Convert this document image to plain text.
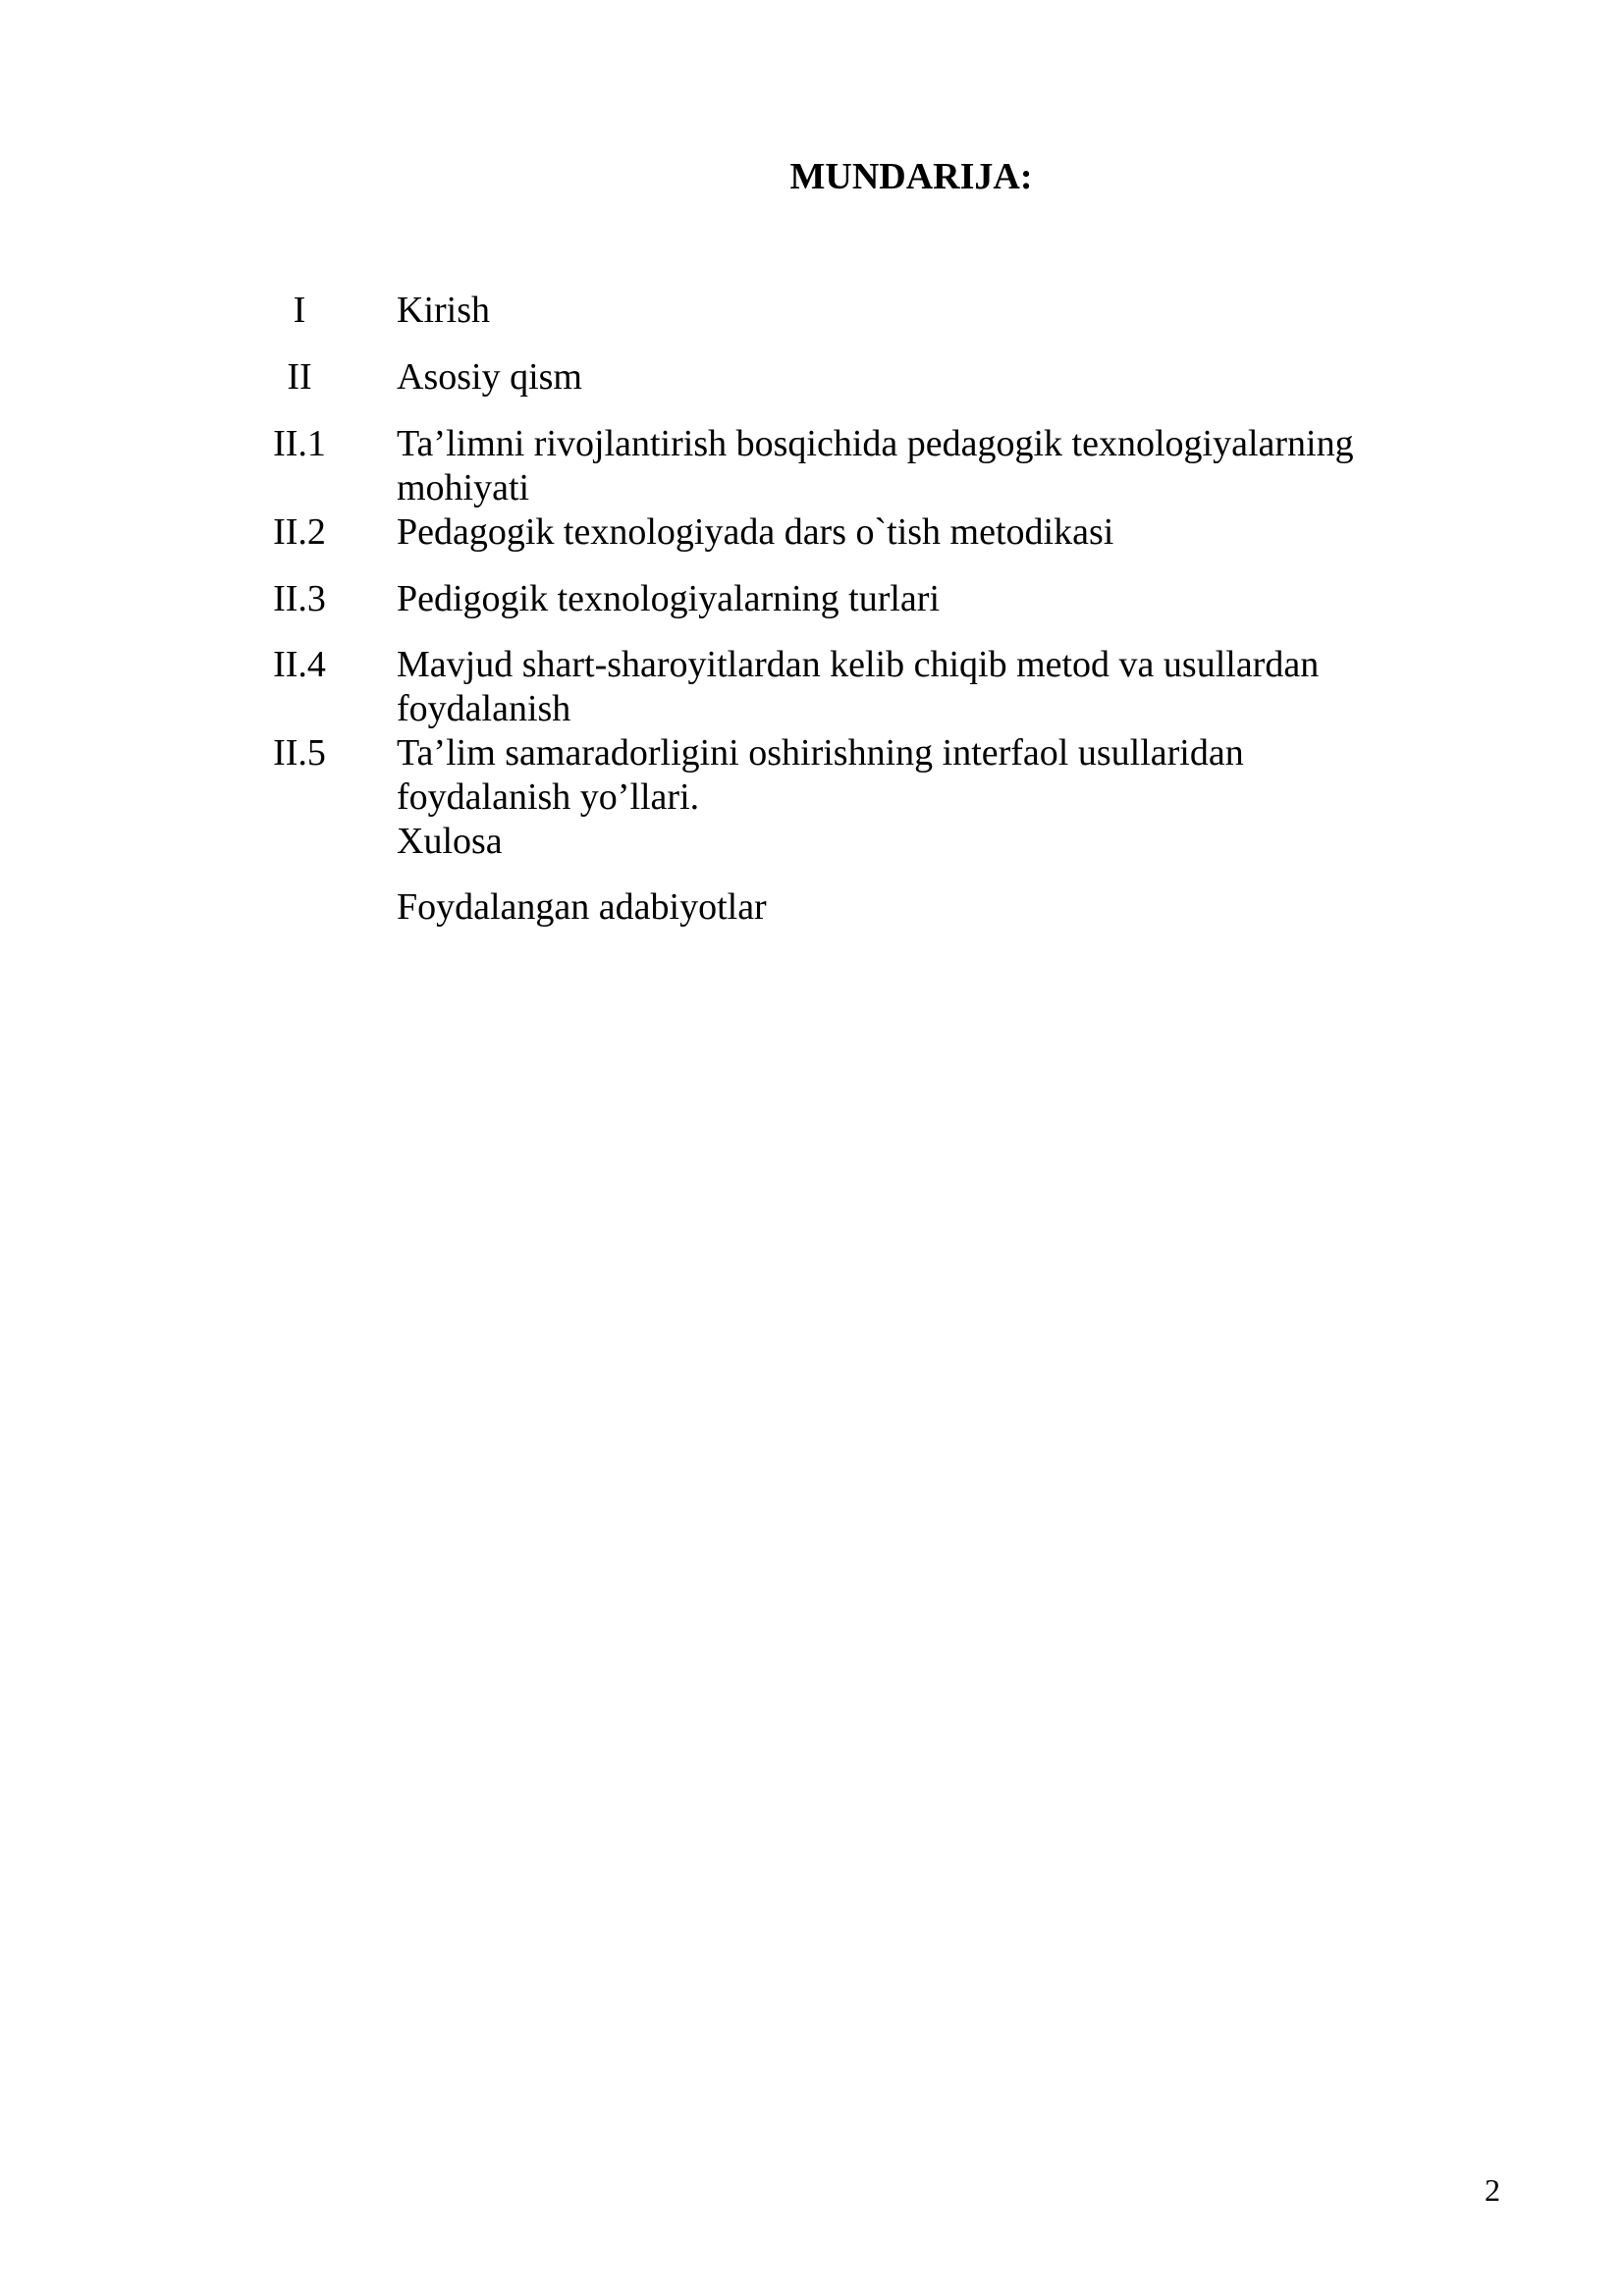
MUNDARIJA:
I	Kirish
II	Asosiy qism
II.1	Ta’limni rivojlantirish bosqichida pedagogik texnologiyalarning
mohiyati
II.2	Pedagogik texnologiyada dars o`tish metodikasi
II.3	Pedigogik texnologiyalarning turlari
II.4	Mavjud shart-sharoyitlardan kelib chiqib metod va usullardan
foydalanish
II.5	Ta’lim samaradorligini oshirishning interfaol usullaridan
foydalanish yo’llari.
Xulosa
Foydalangan adabiyotlar
2
